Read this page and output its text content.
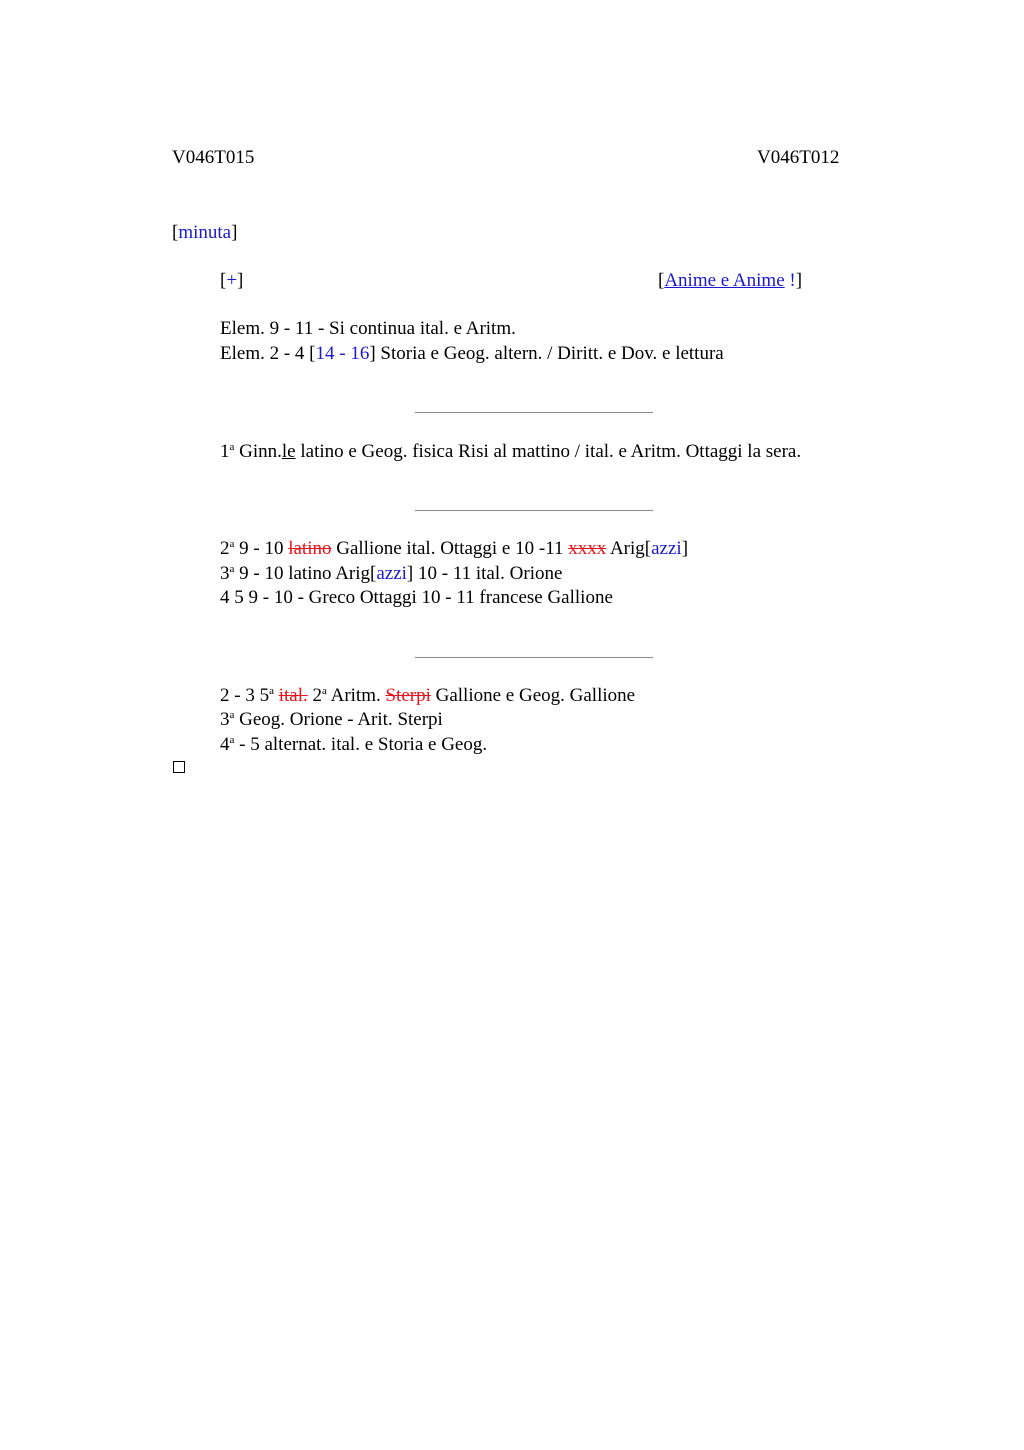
V046T015	V046T012
[minuta]
[+]	[Anime e Anime !]
Elem. 9 - 11 - Si continua ital. e Aritm.
Elem. 2 - 4 [14 - 16] Storia e Geog. altern. / Diritt. e Dov. e lettura
1$^a$ Ginn.le latino e Geog. fisica Risi al mattino / ital. e Aritm. Ottaggi la sera.
2$^a$ 9 - 10 latino Gallione ital. Ottaggi e 10 -11 xxxx Arig[azzi]
3$^a$ 9 - 10 latino Arig[azzi] 10 - 11 ital. Orione
4 5 9 - 10 - Greco Ottaggi 10 - 11 francese Gallione
2 - 3 5$^a$ ital. 2$^a$ Aritm. Sterpi Gallione e Geog. Gallione
3$^a$ Geog. Orione - Arit. Sterpi
4$^a$ - 5 alternat. ital. e Storia e Geog.
